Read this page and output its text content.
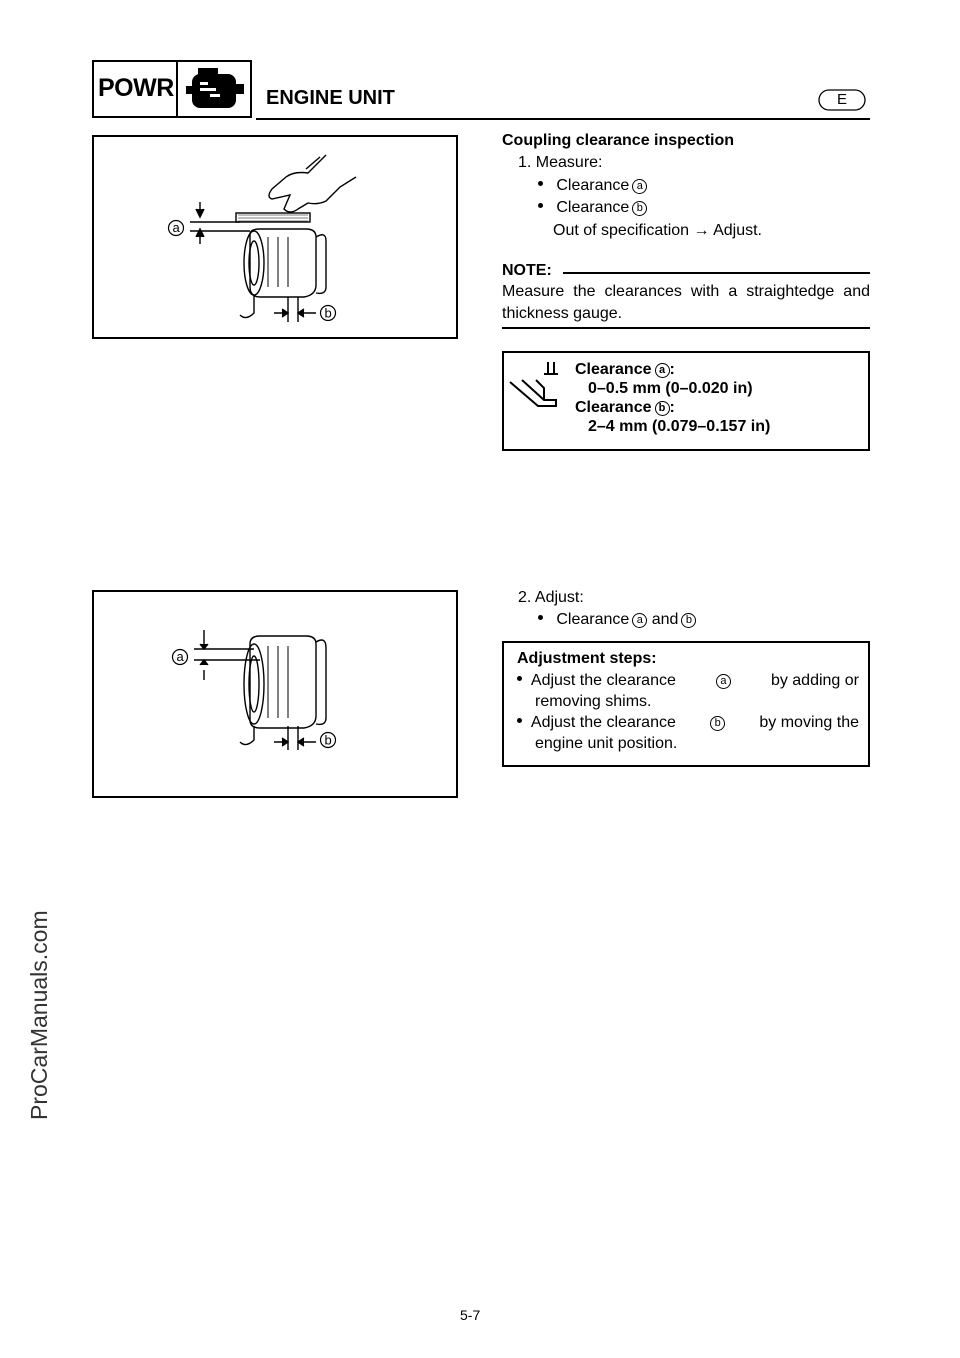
POWR	ENGINE UNIT	E
ProCarManuals.com
a
b
a
b
Coupling clearance inspection
1. Measure:
Clearance a
Clearance b
Out of specification → Adjust.
NOTE:
Measure the clearances with a straightedge and thickness gauge.
Clearance a :
0–0.5 mm (0–0.020 in)
Clearance b :
2–4 mm (0.079–0.157 in)
2. Adjust:
Clearance a and b
Adjustment steps:
Adjust the clearance	a	by adding or
removing shims.
Adjust the clearance	b by moving the
engine unit position.
5-7
